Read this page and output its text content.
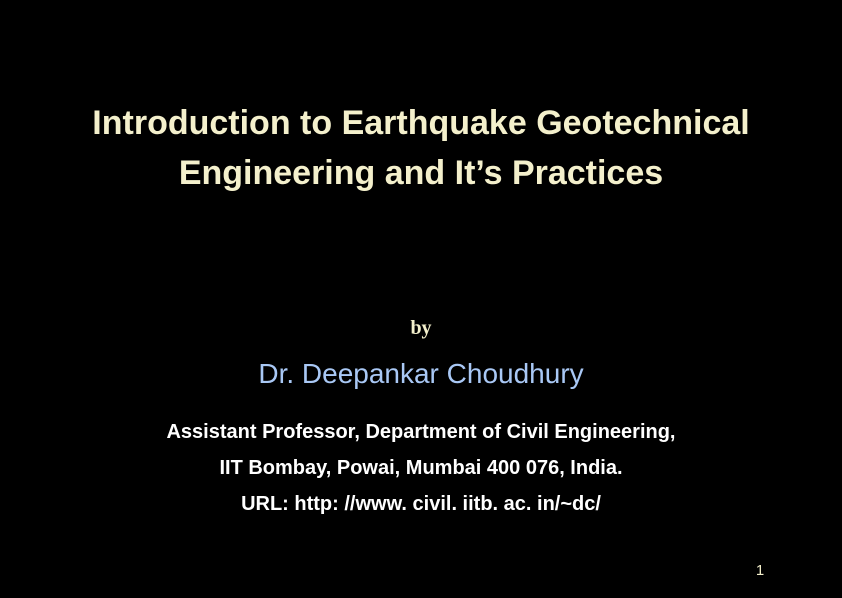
Introduction to Earthquake Geotechnical
Engineering and It’s Practices
by
Dr. Deepankar Choudhury
Assistant Professor, Department of Civil Engineering,
IIT Bombay, Powai, Mumbai 400 076, India.
URL: http: //www. civil. iitb. ac. in/~dc/
1
